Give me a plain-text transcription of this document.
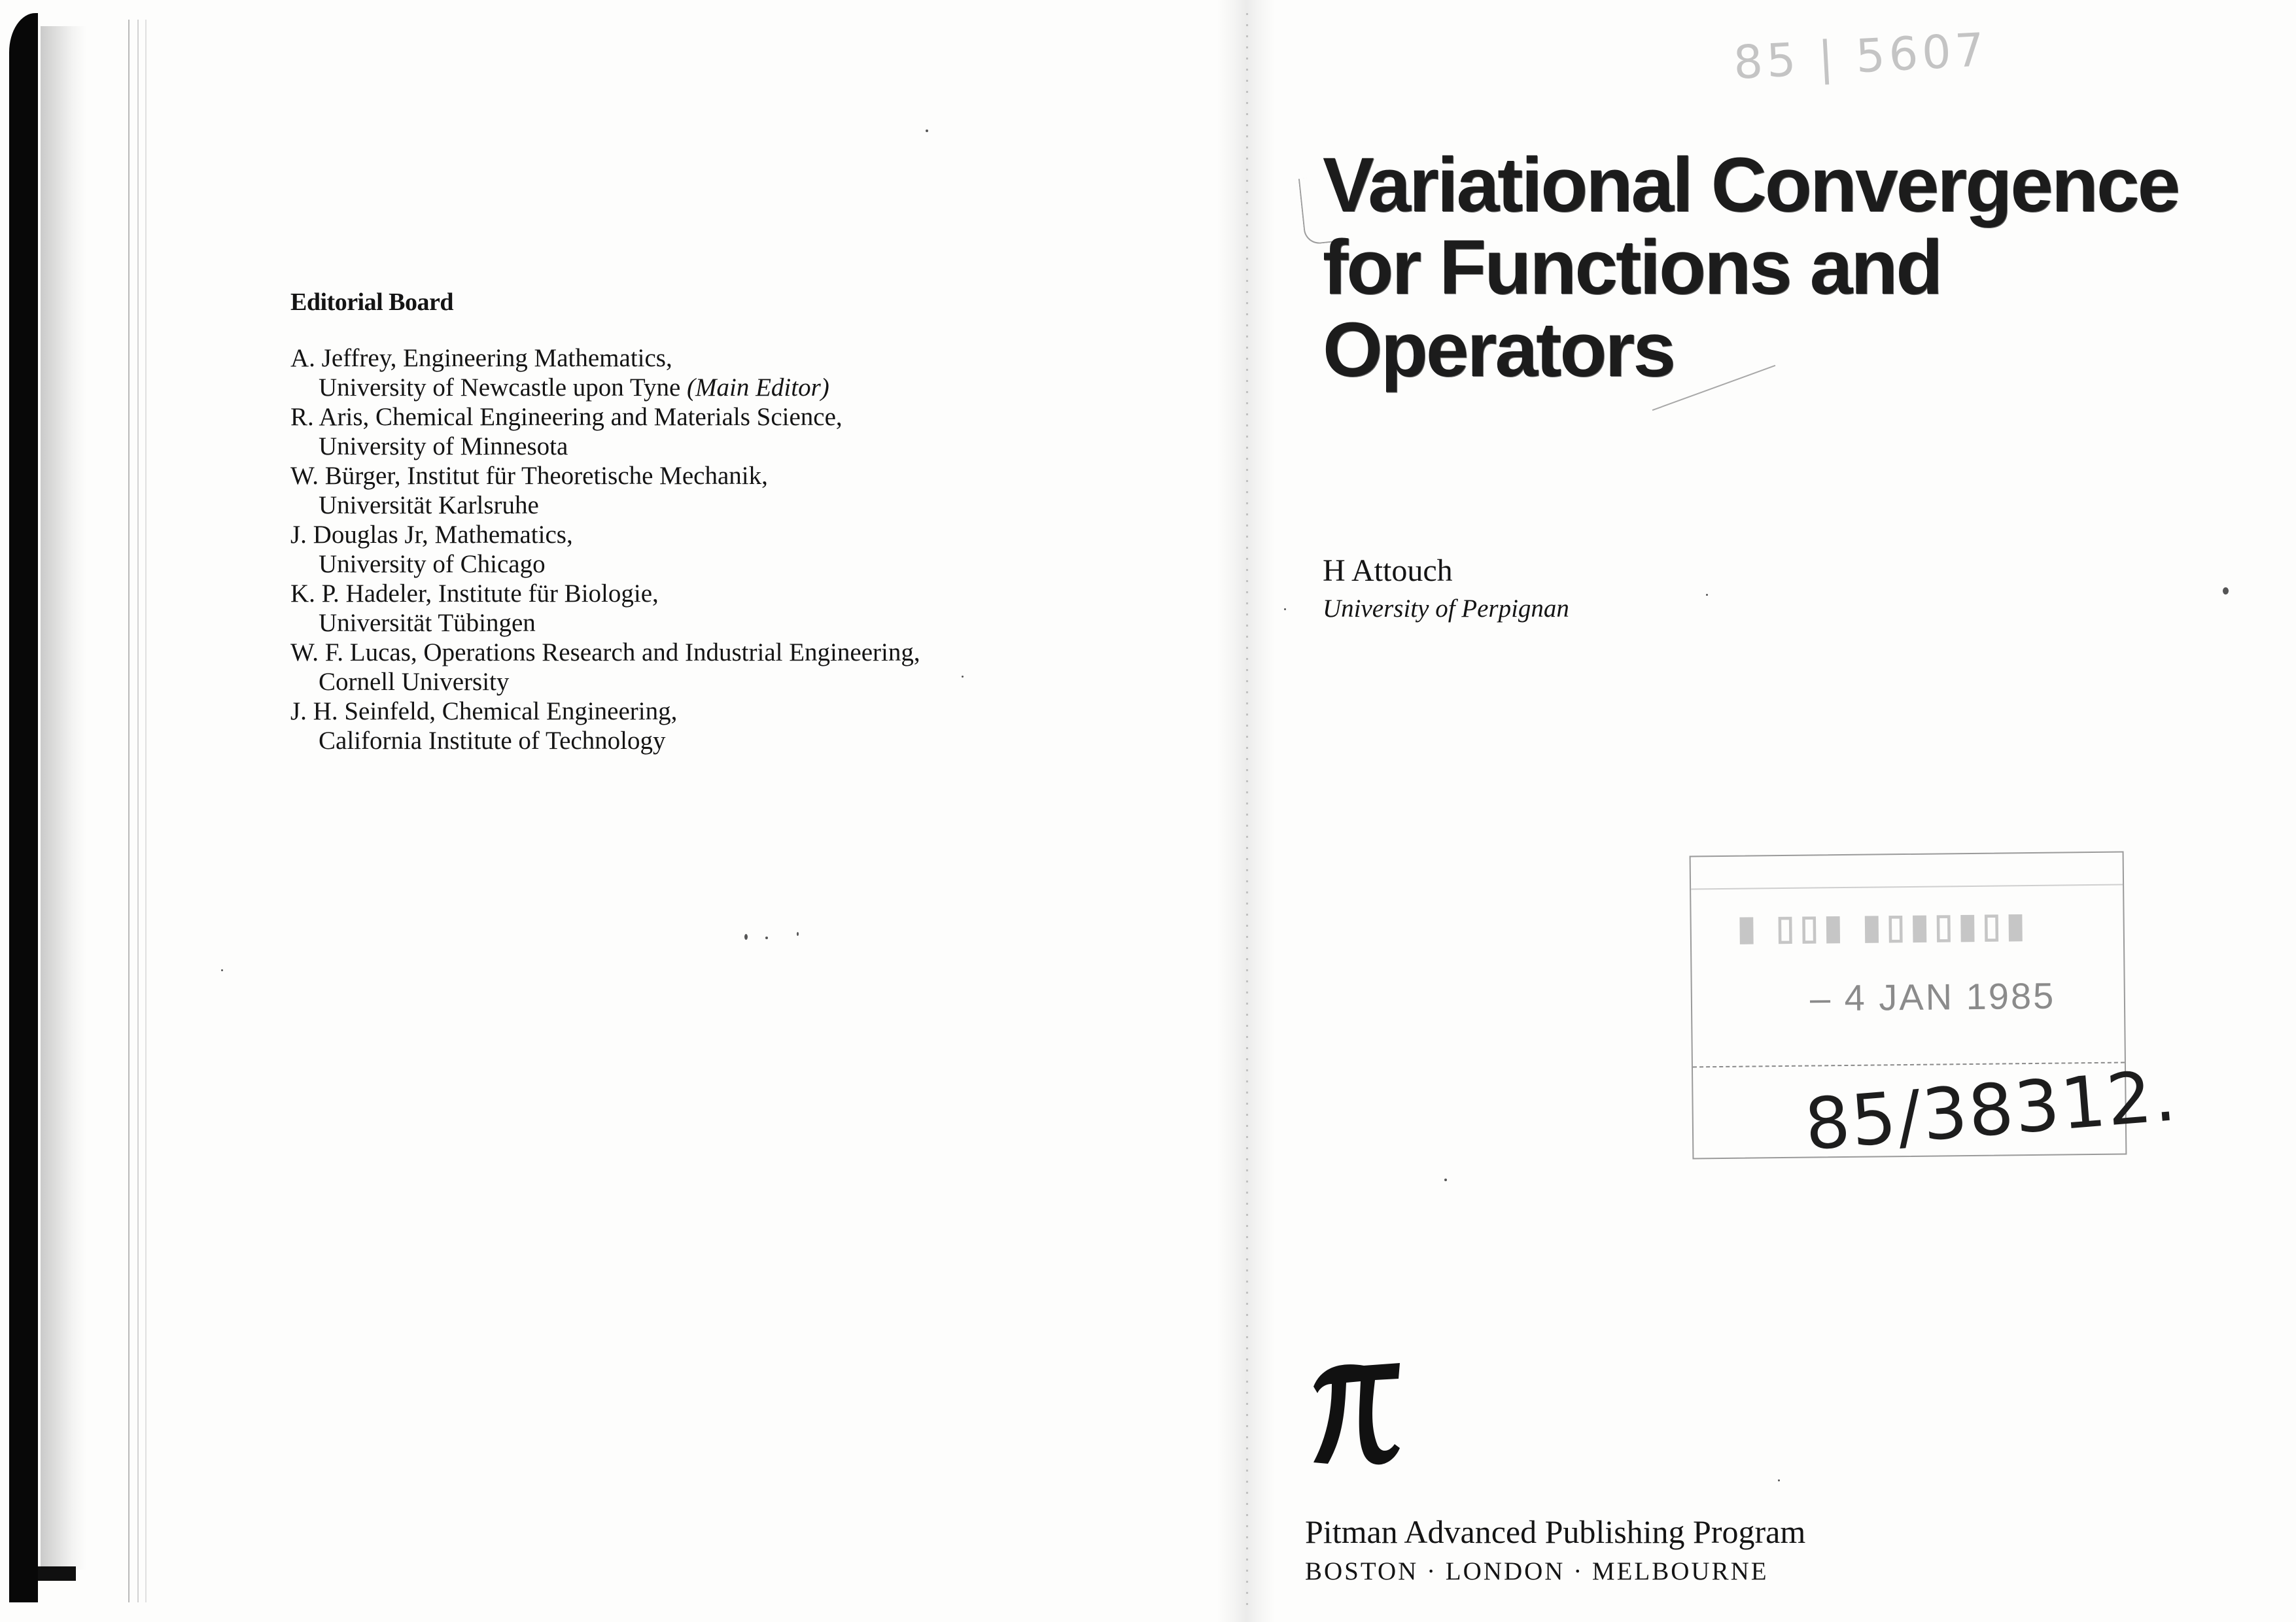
Editorial Board
A. Jeffrey, Engineering Mathematics,
University of Newcastle upon Tyne (Main Editor)
R. Aris, Chemical Engineering and Materials Science,
University of Minnesota
W. Bürger, Institut für Theoretische Mechanik,
Universität Karlsruhe
J. Douglas Jr, Mathematics,
University of Chicago
K. P. Hadeler, Institute für Biologie,
Universität Tübingen
W. F. Lucas, Operations Research and Industrial Engineering,
Cornell University
J. H. Seinfeld, Chemical Engineering,
California Institute of Technology
85 | 5607
Variational Convergence
for Functions and
Operators
H Attouch
University of Perpignan
▮ ▯▯▮ ▮▯▮▯▮▯▮
– 4 JAN 1985
85/38312.
Pitman Advanced Publishing Program
BOSTON · LONDON · MELBOURNE
